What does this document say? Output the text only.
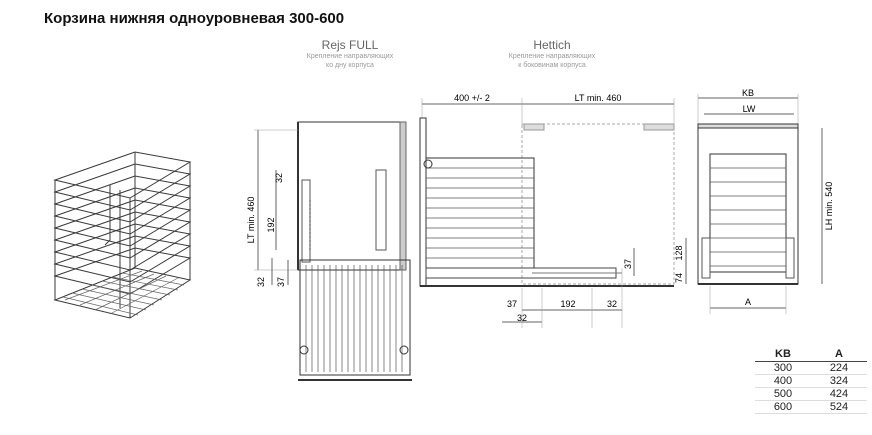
Корзина нижняя одноуровневая 300-600
Rejs FULL
Крепление направляющих
ко дну корпуса
Hettich
Крепление направляющих
к боковинам корпуса
LT min. 460
32
192
32 37
400 +/- 2	LT min. 460
37
37	192	32
32
KB
LW
LH min. 540
128
74
A
KB	A
300	224
400	324
500	424
600	524
